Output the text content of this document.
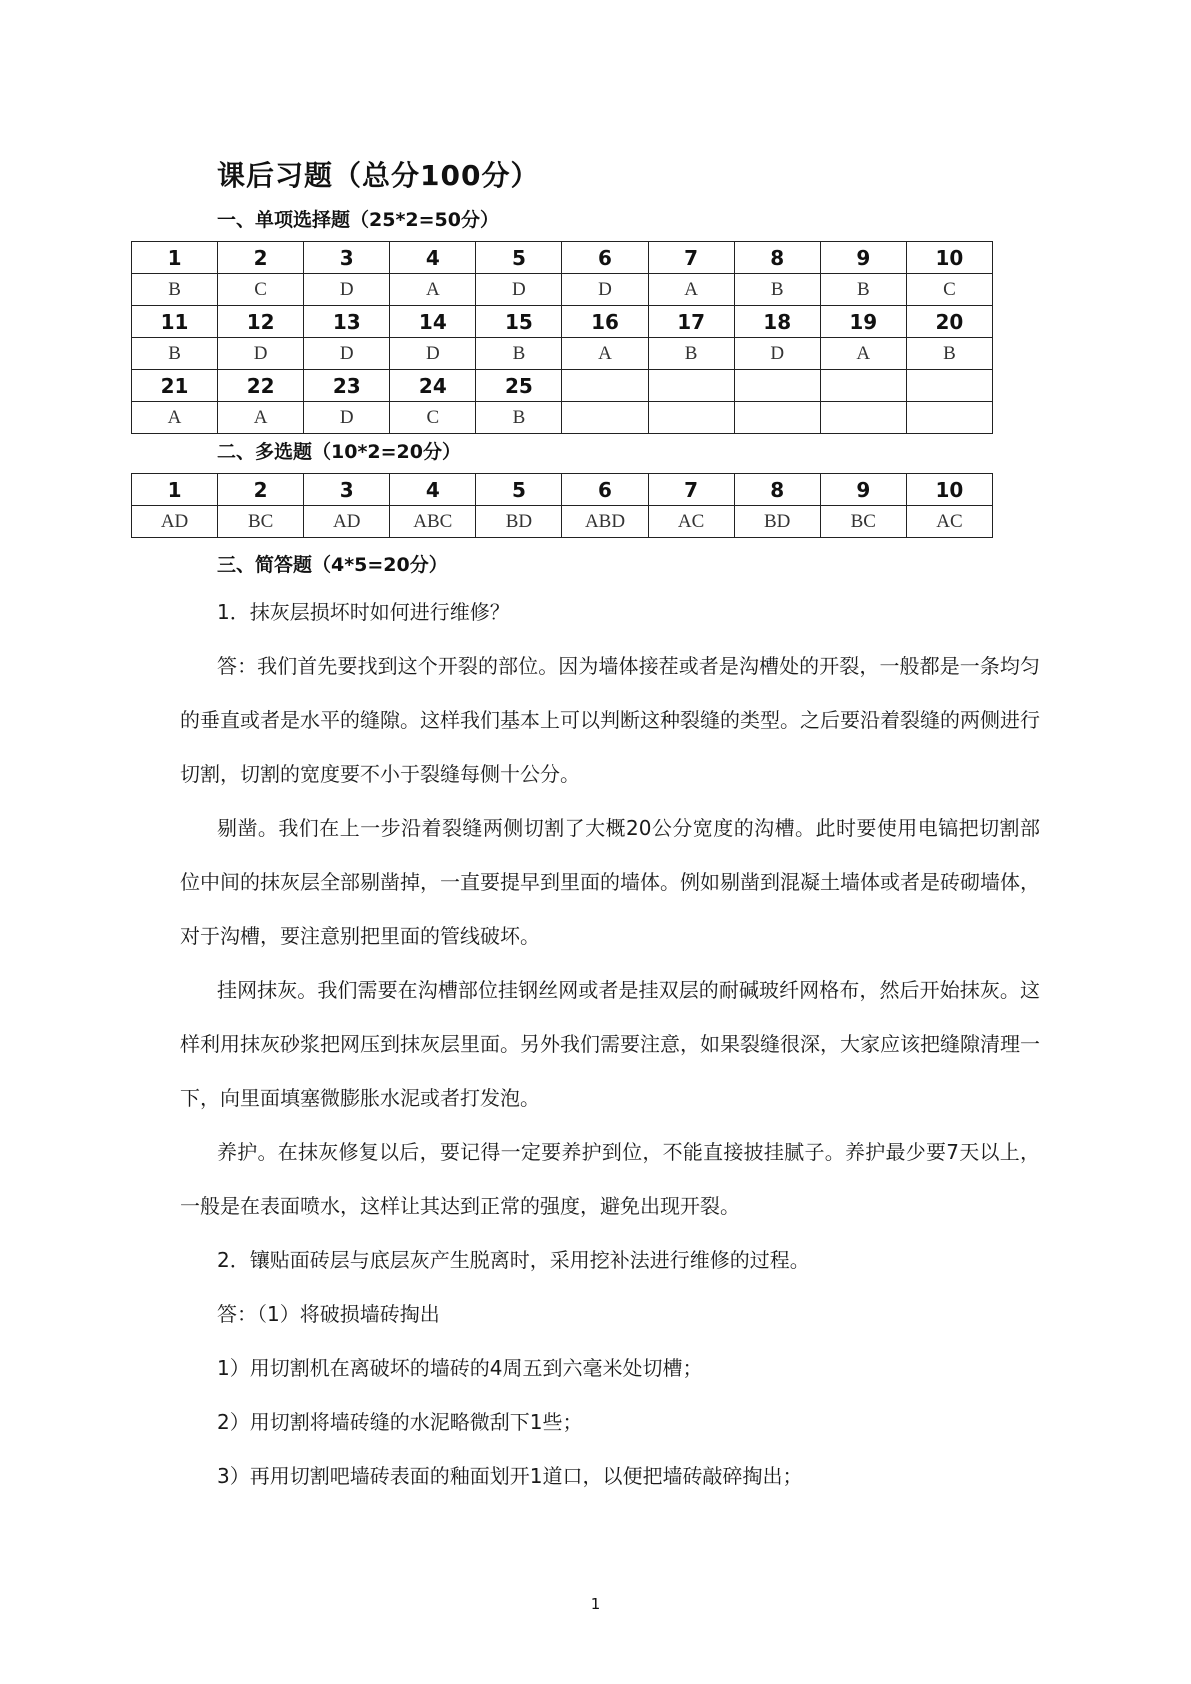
课后习题（总分100分）
一、单项选择题（25*2=50分）
1	2	3	4	5	6	7	8	9	10
B	C	D	A	D	D	A	B	B	C
11	12	13	14	15	16	17	18	19	20
B	D	D	D	B	A	B	D	A	B
21	22	23	24	25					
A	A	D	C	B					
二、多选题（10*2=20分）
1	2	3	4	5	6	7	8	9	10
AD	BC	AD	ABC	BD	ABD	AC	BD	BC	AC
三、简答题（4*5=20分）

1．抹灰层损坏时如何进行维修？

答：我们首先要找到这个开裂的部位。因为墙体接茬或者是沟槽处的开裂，一般都是一条均匀的垂直或者是水平的缝隙。这样我们基本上可以判断这种裂缝的类型。之后要沿着裂缝的两侧进行切割，切割的宽度要不小于裂缝每侧十公分。

剔凿。我们在上一步沿着裂缝两侧切割了大概20公分宽度的沟槽。此时要使用电镐把切割部位中间的抹灰层全部剔凿掉，一直要提早到里面的墙体。例如剔凿到混凝土墙体或者是砖砌墙体，对于沟槽，要注意别把里面的管线破坏。

挂网抹灰。我们需要在沟槽部位挂钢丝网或者是挂双层的耐碱玻纤网格布，然后开始抹灰。这样利用抹灰砂浆把网压到抹灰层里面。另外我们需要注意，如果裂缝很深，大家应该把缝隙清理一下，向里面填塞微膨胀水泥或者打发泡。

养护。在抹灰修复以后，要记得一定要养护到位，不能直接披挂腻子。养护最少要7天以上，一般是在表面喷水，这样让其达到正常的强度，避免出现开裂。

2．镶贴面砖层与底层灰产生脱离时，采用挖补法进行维修的过程。

答：（1）将破损墙砖掏出

1）用切割机在离破坏的墙砖的4周五到六毫米处切槽；

2）用切割将墙砖缝的水泥略微刮下1些；

3）再用切割吧墙砖表面的釉面划开1道口，以便把墙砖敲碎掏出；

1
